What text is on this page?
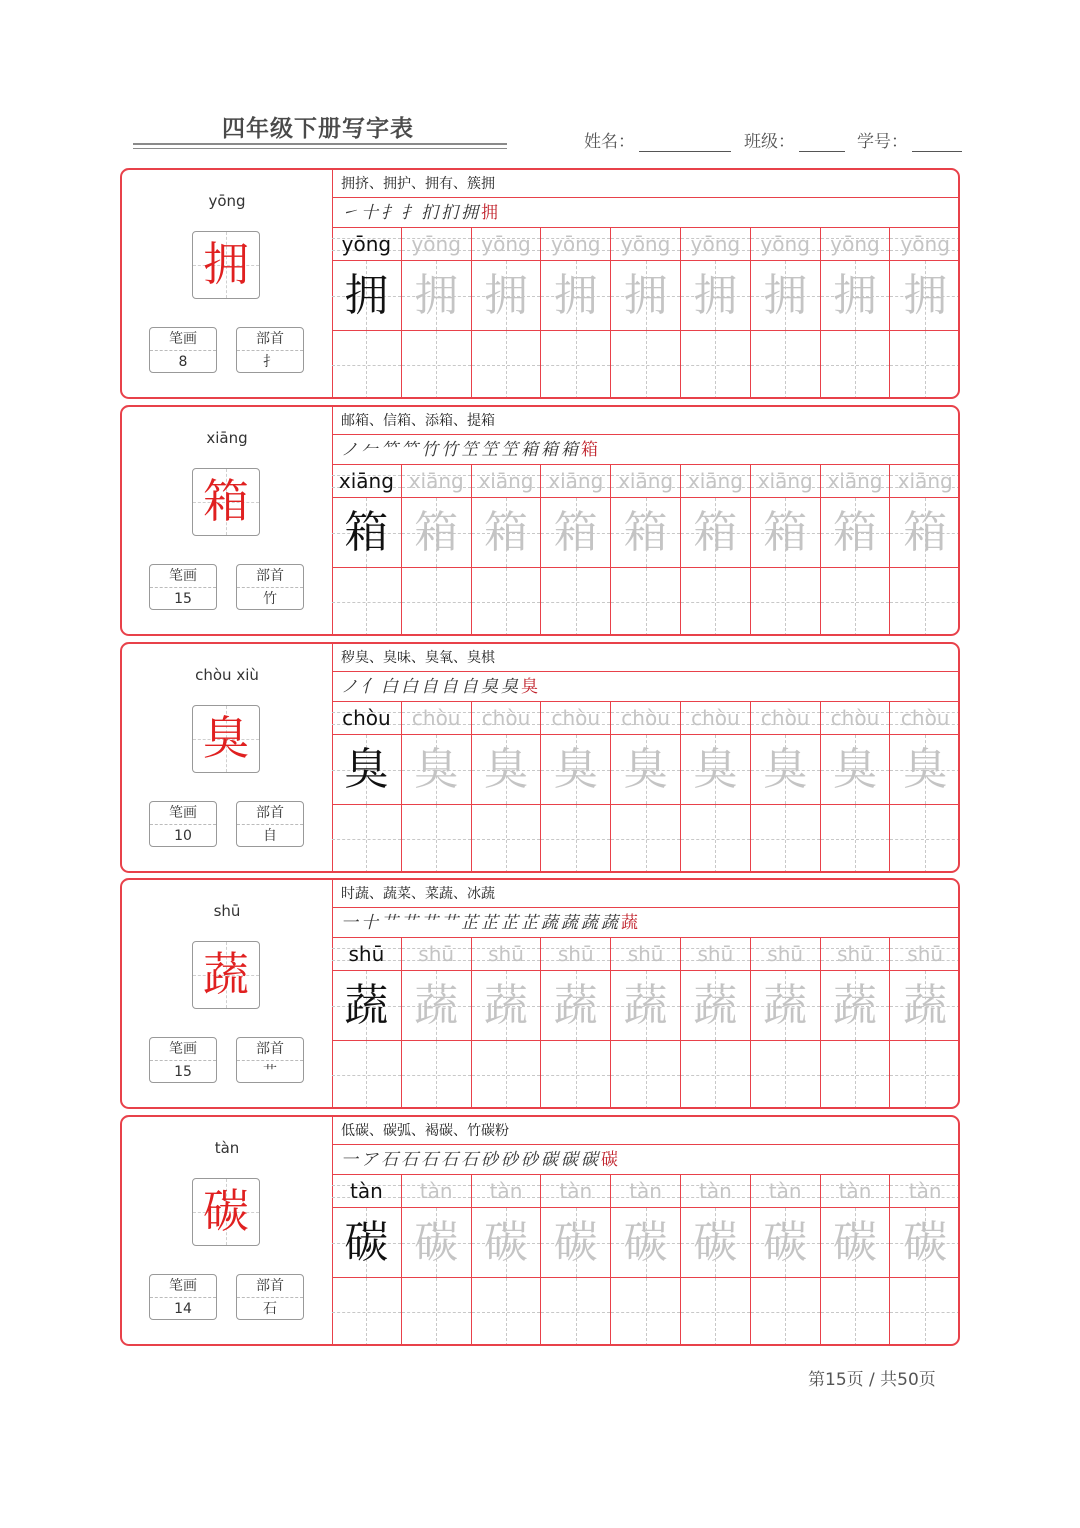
四年级下册写字表	姓名：	班级：	学号：
yōng
拥
笔画
8
部首
扌
拥挤、拥护、拥有、簇拥
㇀十扌扌扪扪拥拥
yōng	yōng	yōng	yōng	yōng	yōng	yōng	yōng	yōng
拥 拥 拥 拥 拥 拥 拥 拥 拥
xiāng
箱
笔画
15
部首
竹
邮箱、信箱、添箱、提箱
ノ𠂉𥫗𥫗竹竹笁笁笁箱箱箱箱
xiāng xiāng xiāng xiāng xiāng xiāng xiāng xiāng xiāng
箱 箱 箱 箱 箱 箱 箱 箱 箱
chòu xiù
臭
笔画
10
部首
自
秽臭、臭味、臭氧、臭棋
ノ亻白白自自自臭臭臭
chòu	chòu	chòu	chòu	chòu	chòu	chòu	chòu	chòu
臭 臭 臭 臭 臭 臭 臭 臭 臭
shū
蔬
笔画
15
部首
艹
时蔬、蔬菜、菜蔬、冰蔬
一十艹艹艹艹芷芷芷芷蔬蔬蔬蔬蔬
shū	shū	shū	shū	shū	shū	shū	shū	shū
蔬 蔬 蔬 蔬 蔬 蔬 蔬 蔬 蔬
tàn
碳
笔画
14
部首
石
低碳、碳弧、褐碳、竹碳粉
一ア石石石石石砂砂砂碳碳碳碳
tàn	tàn	tàn	tàn	tàn	tàn	tàn	tàn	tàn
碳 碳 碳 碳 碳 碳 碳 碳 碳
第15页 / 共50页
